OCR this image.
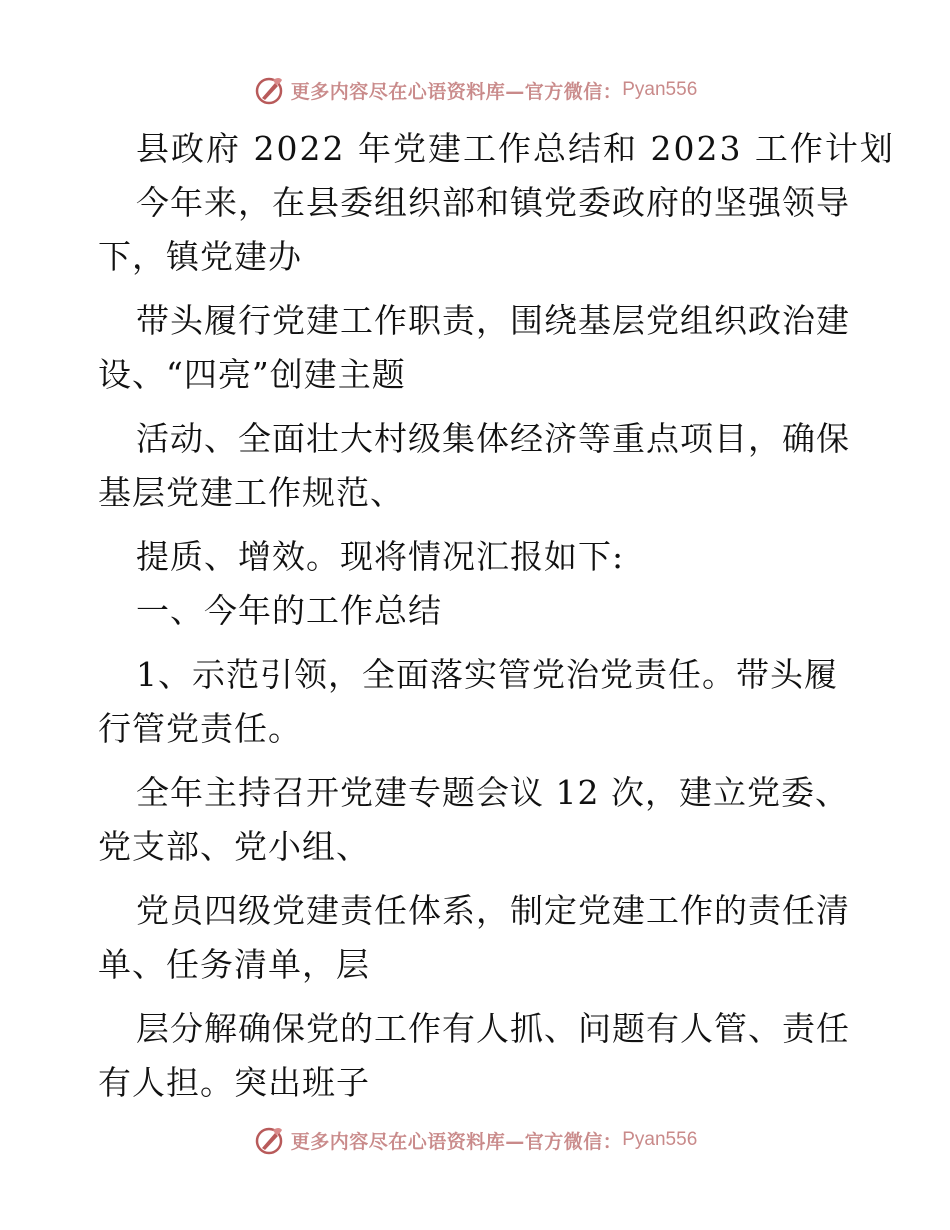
更多内容尽在心语资料库—官方微信： Pyan556
县政府 2022 年党建工作总结和 2023 工作计划
今年来，在县委组织部和镇党委政府的坚强领导
下，镇党建办
带头履行党建工作职责，围绕基层党组织政治建
设、“四亮”创建主题
活动、全面壮大村级集体经济等重点项目，确保
基层党建工作规范、
提质、增效。现将情况汇报如下:
一、今年的工作总结
1、示范引领，全面落实管党治党责任。带头履
行管党责任。
全年主持召开党建专题会议 12 次，建立党委、
党支部、党小组、
党员四级党建责任体系，制定党建工作的责任清
单、任务清单，层
层分解确保党的工作有人抓、问题有人管、责任
有人担。突出班子
更多内容尽在心语资料库—官方微信： Pyan556
